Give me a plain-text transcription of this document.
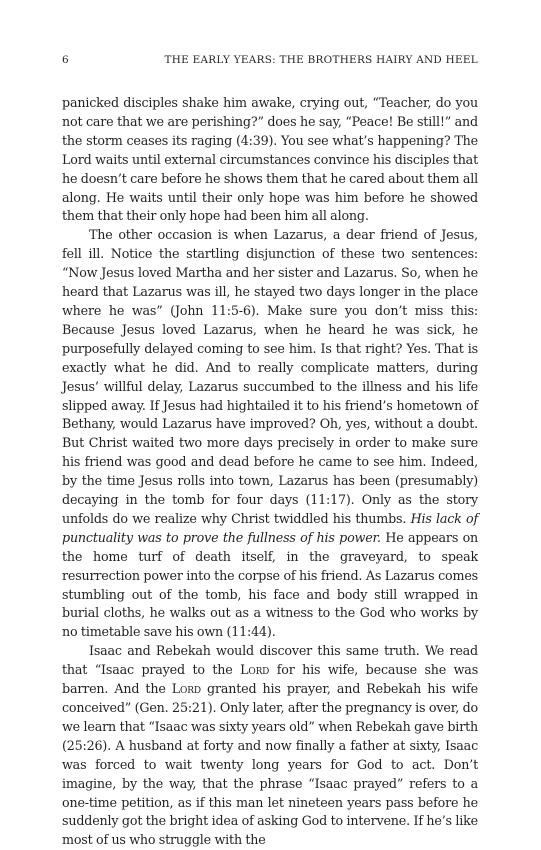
6	THE EARLY YEARS: THE BROTHERS HAIRY AND HEEL

panicked disciples shake him awake, crying out, “Teacher, do you not care that we are perishing?” does he say, “Peace! Be still!” and the storm ceases its raging (4:39). You see what’s happening? The Lord waits until external circumstances convince his disciples that he doesn’t care before he shows them that he cared about them all along. He waits until their only hope was him before he showed them that their only hope had been him all along.

The other occasion is when Lazarus, a dear friend of Jesus, fell ill. Notice the startling disjunction of these two sentences: “Now Jesus loved Martha and her sister and Lazarus. So, when he heard that Lazarus was ill, he stayed two days longer in the place where he was” (John 11:5-6). Make sure you don’t miss this: Because Jesus loved Lazarus, when he heard he was sick, he purposefully delayed coming to see him. Is that right? Yes. That is exactly what he did. And to really complicate matters, during Jesus’ willful delay, Lazarus succumbed to the illness and his life slipped away. If Jesus had hightailed it to his friend’s hometown of Bethany, would Lazarus have improved? Oh, yes, without a doubt. But Christ waited two more days precisely in order to make sure his friend was good and dead before he came to see him. Indeed, by the time Jesus rolls into town, Lazarus has been (presumably) decaying in the tomb for four days (11:17). Only as the story unfolds do we realize why Christ twiddled his thumbs. His lack of punctuality was to prove the fullness of his power. He appears on the home turf of death itself, in the graveyard, to speak resurrection power into the corpse of his friend. As Lazarus comes stumbling out of the tomb, his face and body still wrapped in burial cloths, he walks out as a witness to the God who works by no timetable save his own (11:44).

Isaac and Rebekah would discover this same truth. We read that “Isaac prayed to the Lord for his wife, because she was barren. And the Lord granted his prayer, and Rebekah his wife conceived” (Gen. 25:21). Only later, after the pregnancy is over, do we learn that “Isaac was sixty years old” when Rebekah gave birth (25:26). A husband at forty and now finally a father at sixty, Isaac was forced to wait twenty long years for God to act. Don’t imagine, by the way, that the phrase “Isaac prayed” refers to a one-time petition, as if this man let nineteen years pass before he suddenly got the bright idea of asking God to intervene. If he’s like most of us who struggle with the
